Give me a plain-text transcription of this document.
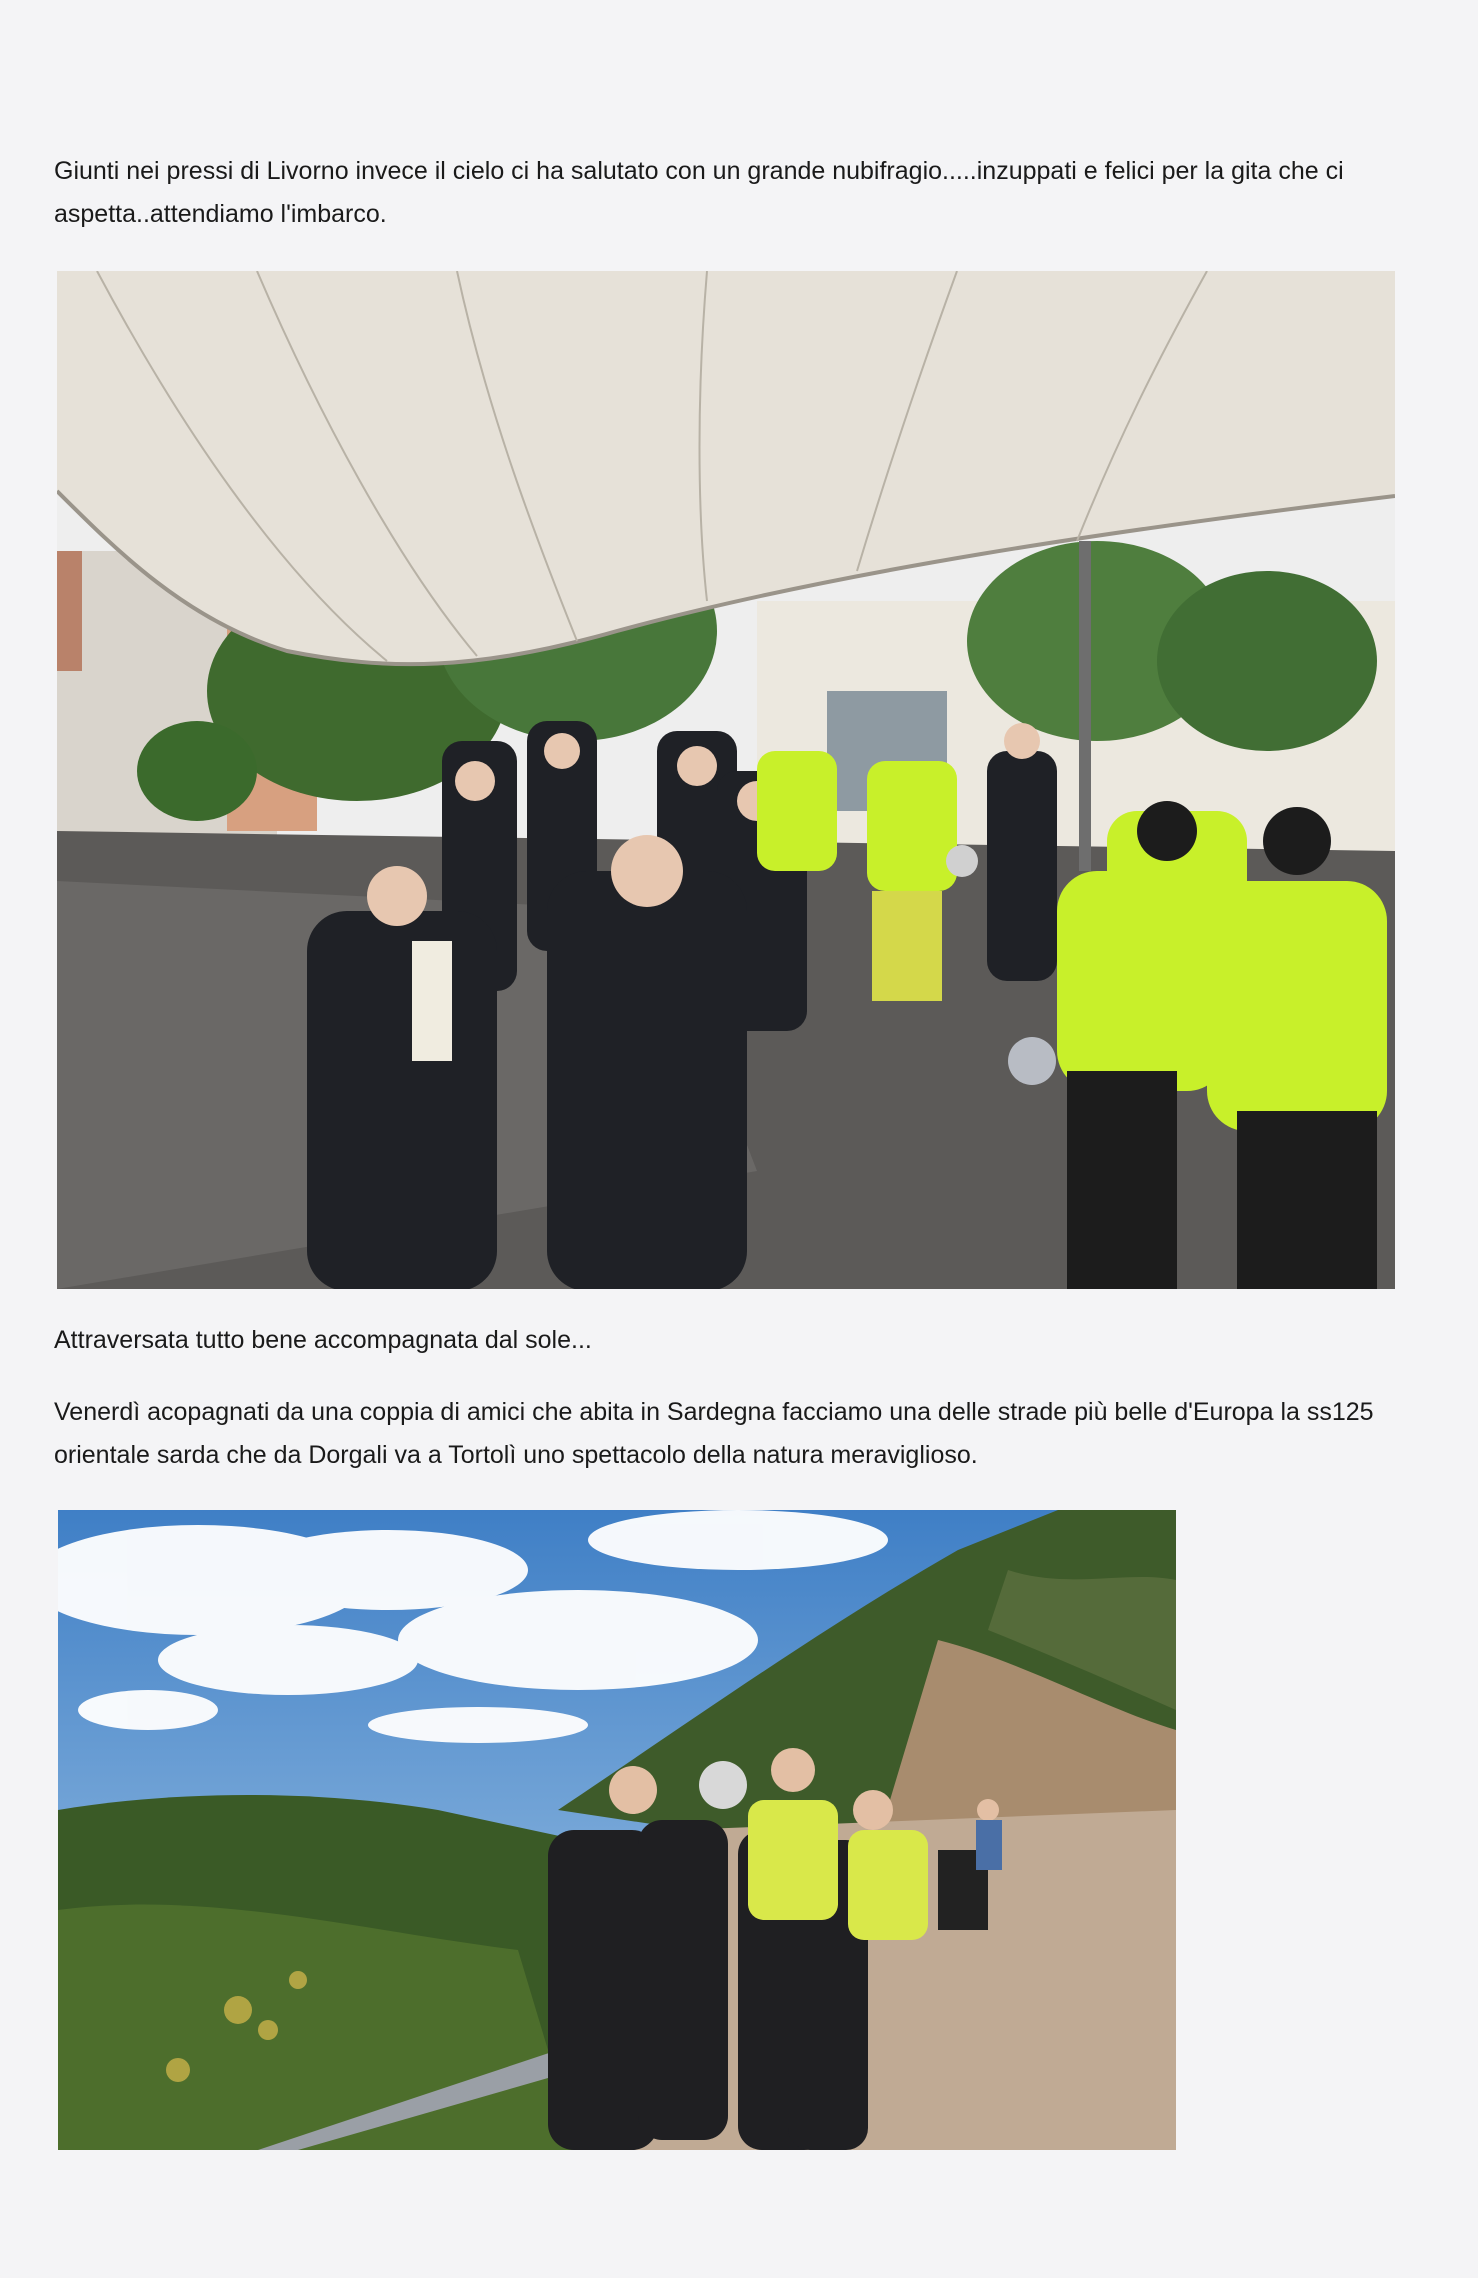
Giunti nei pressi di Livorno invece il cielo ci ha salutato con un grande nubifragio.....inzuppati e felici per la gita che ci aspetta..attendiamo l'imbarco.

Attraversata tutto bene accompagnata dal sole...

Venerdì acopagnati da una coppia di amici che abita in Sardegna facciamo una delle strade più belle d'Europa la ss125 orientale sarda che da Dorgali va a Tortolì uno spettacolo della natura meraviglioso.
